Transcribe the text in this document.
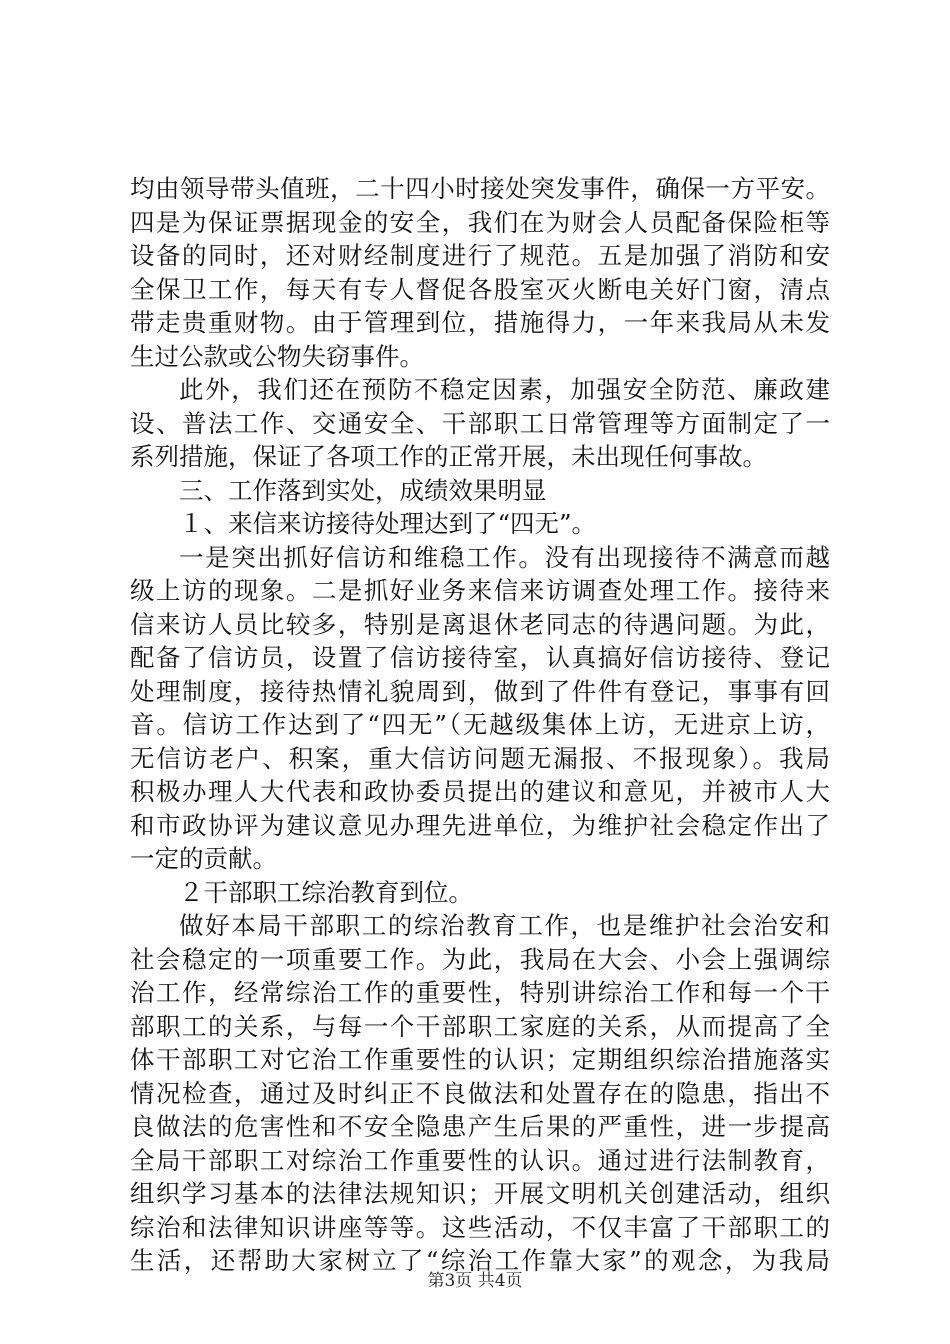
均由领导带头值班，二十四小时接处突发事件，确保一方平安。
四是为保证票据现金的安全，我们在为财会人员配备保险柜等
设备的同时，还对财经制度进行了规范。五是加强了消防和安
全保卫工作，每天有专人督促各股室灭火断电关好门窗，清点
带走贵重财物。由于管理到位，措施得力，一年来我局从未发
生过公款或公物失窃事件。
此外，我们还在预防不稳定因素，加强安全防范、廉政建
设、普法工作、交通安全、干部职工日常管理等方面制定了一
系列措施，保证了各项工作的正常开展，未出现任何事故。
三、工作落到实处，成绩效果明显
１、来信来访接待处理达到了“四无”。
一是突出抓好信访和维稳工作。没有出现接待不满意而越
级上访的现象。二是抓好业务来信来访调查处理工作。接待来
信来访人员比较多，特别是离退休老同志的待遇问题。为此，
配备了信访员，设置了信访接待室，认真搞好信访接待、登记
处理制度，接待热情礼貌周到，做到了件件有登记，事事有回
音。信访工作达到了“四无”（无越级集体上访，无进京上访，
无信访老户、积案，重大信访问题无漏报、不报现象）。我局
积极办理人大代表和政协委员提出的建议和意见，并被市人大
和市政协评为建议意见办理先进单位，为维护社会稳定作出了
一定的贡献。
２干部职工综治教育到位。
做好本局干部职工的综治教育工作，也是维护社会治安和
社会稳定的一项重要工作。为此，我局在大会、小会上强调综
治工作，经常综治工作的重要性，特别讲综治工作和每一个干
部职工的关系，与每一个干部职工家庭的关系，从而提高了全
体干部职工对它治工作重要性的认识；定期组织综治措施落实
情况检查，通过及时纠正不良做法和处置存在的隐患，指出不
良做法的危害性和不安全隐患产生后果的严重性，进一步提高
全局干部职工对综治工作重要性的认识。通过进行法制教育，
组织学习基本的法律法规知识；开展文明机关创建活动，组织
综治和法律知识讲座等等。这些活动，不仅丰富了干部职工的
生活，还帮助大家树立了“综治工作靠大家”的观念，为我局
第3页 共4页
